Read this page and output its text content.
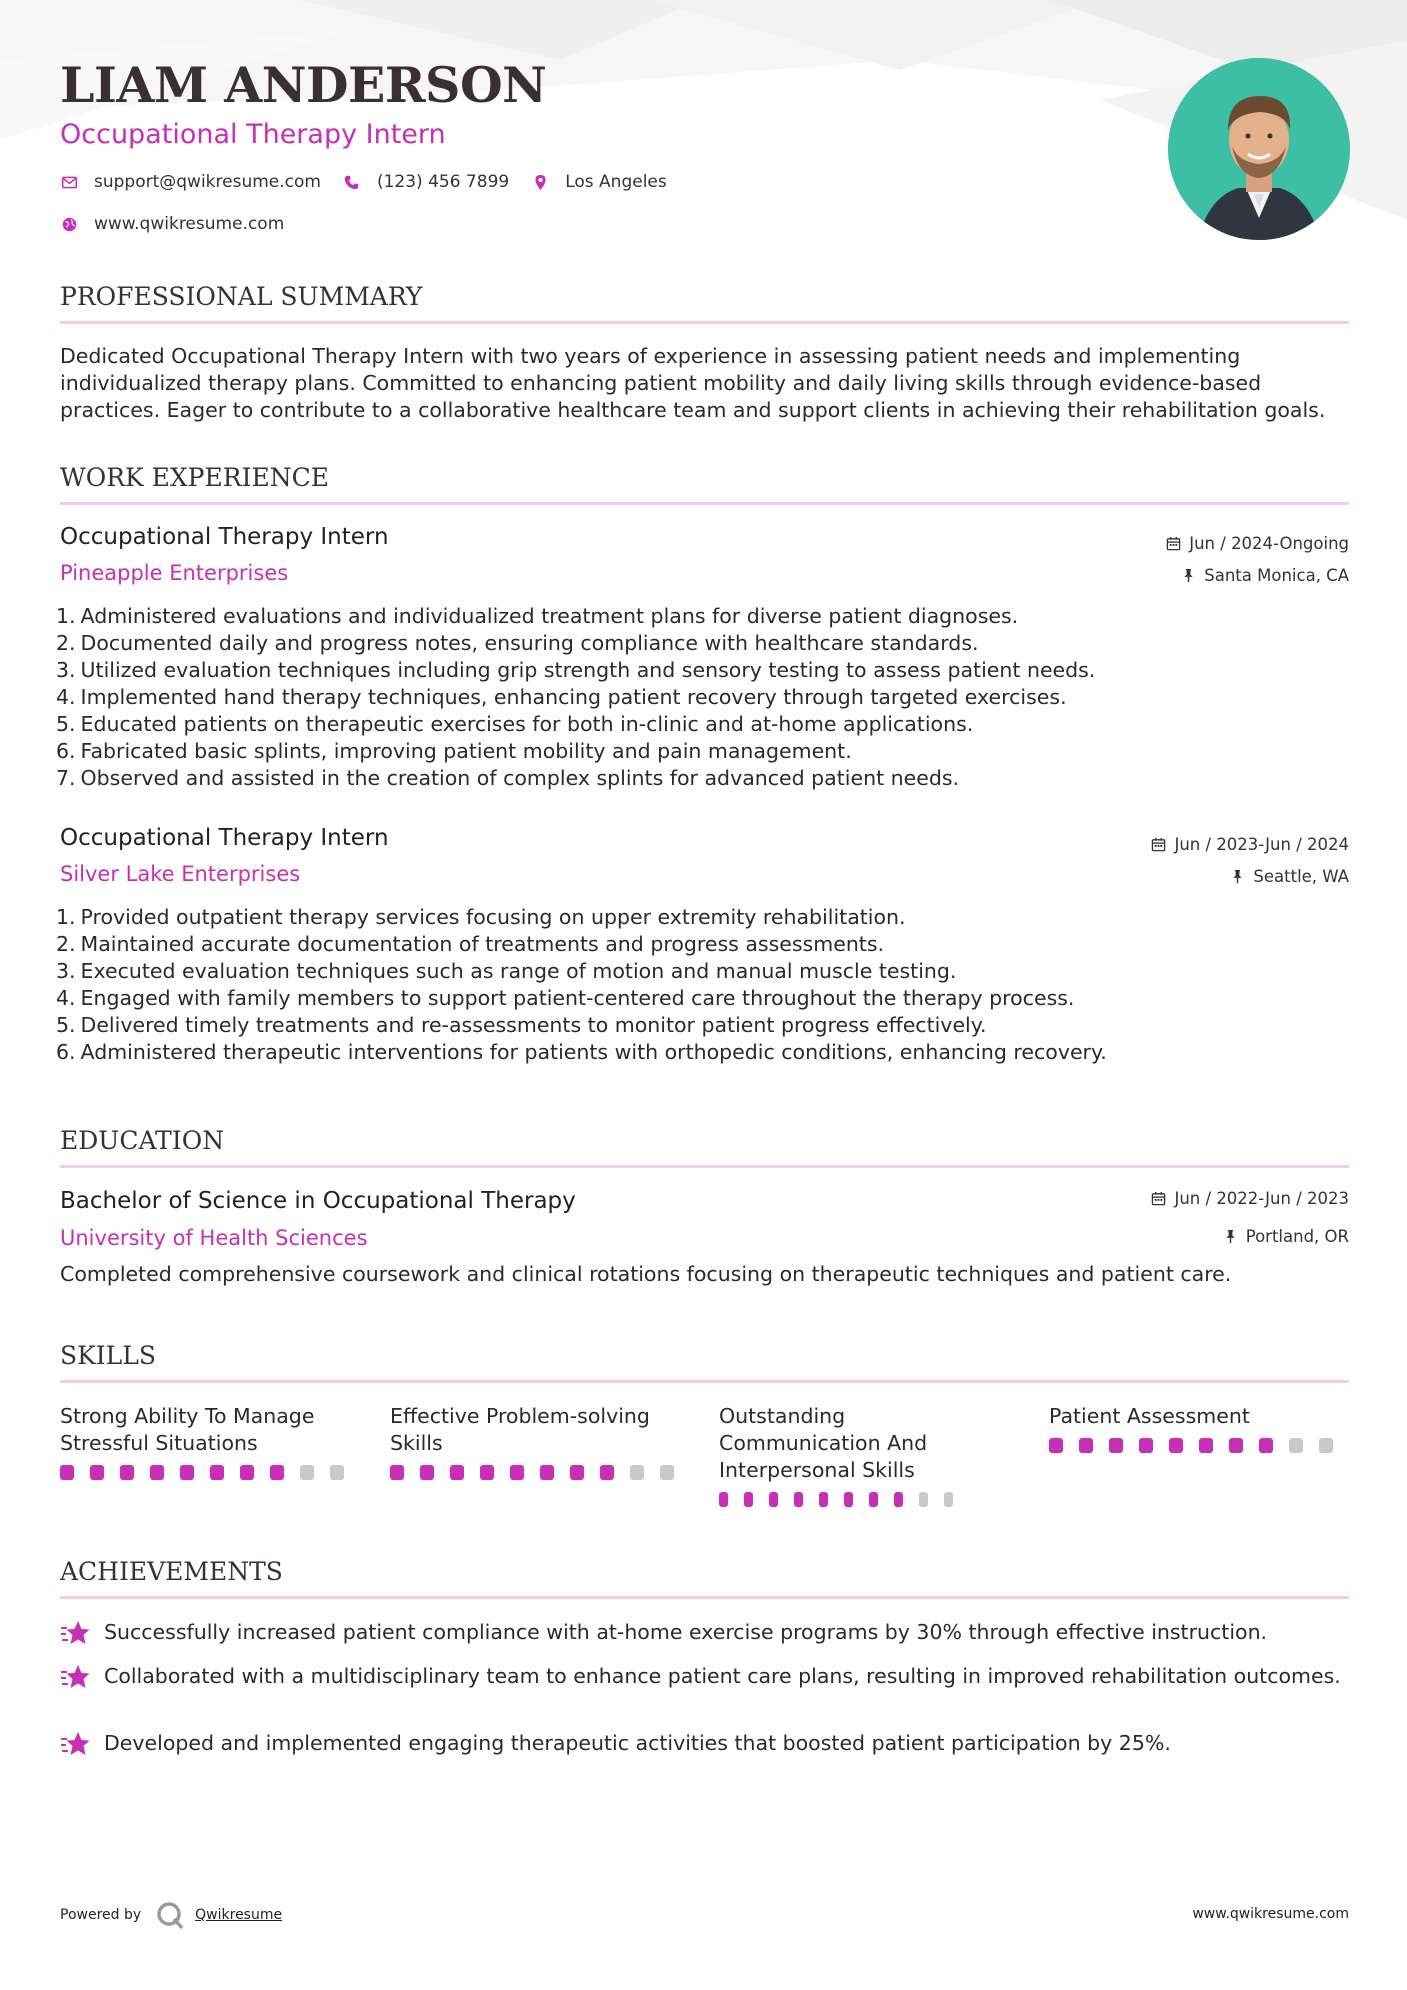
LIAM ANDERSON

Occupational Therapy Intern

support@qwikresume.com	(123) 456 7899	Los Angeles
www.qwikresume.com
PROFESSIONAL SUMMARY

Dedicated Occupational Therapy Intern with two years of experience in assessing patient needs and implementing individualized therapy plans. Committed to enhancing patient mobility and daily living skills through evidence-based practices. Eager to contribute to a collaborative healthcare team and support clients in achieving their rehabilitation goals.

WORK EXPERIENCE
Occupational Therapy Intern

Pineapple Enterprises

Jun / 2024-Ongoing
Santa Monica, CA
1.
Administered evaluations and individualized treatment plans for diverse patient diagnoses.
2.
Documented daily and progress notes, ensuring compliance with healthcare standards.
3.
Utilized evaluation techniques including grip strength and sensory testing to assess patient needs.
4.
Implemented hand therapy techniques, enhancing patient recovery through targeted exercises.
5.
Educated patients on therapeutic exercises for both in-clinic and at-home applications.
6.
Fabricated basic splints, improving patient mobility and pain management.
7.
Observed and assisted in the creation of complex splints for advanced patient needs.
Occupational Therapy Intern

Silver Lake Enterprises

Jun / 2023-Jun / 2024
Seattle, WA
1.
Provided outpatient therapy services focusing on upper extremity rehabilitation.
2.
Maintained accurate documentation of treatments and progress assessments.
3.
Executed evaluation techniques such as range of motion and manual muscle testing.
4.
Engaged with family members to support patient-centered care throughout the therapy process.
5.
Delivered timely treatments and re-assessments to monitor patient progress effectively.
6.
Administered therapeutic interventions for patients with orthopedic conditions, enhancing recovery.
EDUCATION
Bachelor of Science in Occupational Therapy

University of Health Sciences

Jun / 2022-Jun / 2023
Portland, OR

Completed comprehensive coursework and clinical rotations focusing on therapeutic techniques and patient care.

SKILLS

Strong Ability To Manage Stressful Situations

Effective Problem-solving Skills

Outstanding Communication And Interpersonal Skills

Patient Assessment

ACHIEVEMENTS
Successfully increased patient compliance with at-home exercise programs by 30% through effective instruction.
Collaborated with a multidisciplinary team to enhance patient care plans, resulting in improved rehabilitation outcomes.
Developed and implemented engaging therapeutic activities that boosted patient participation by 25%.
Powered by	Qwikresume	www.qwikresume.com
